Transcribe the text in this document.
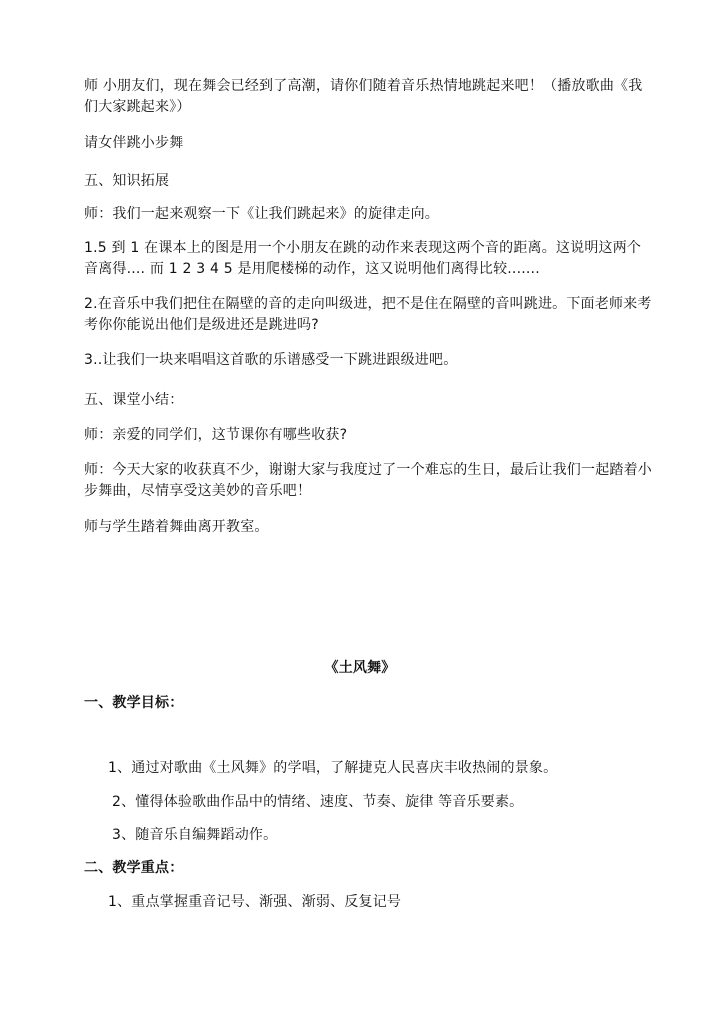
师 小朋友们，现在舞会已经到了高潮，请你们随着音乐热情地跳起来吧！（播放歌曲《我们大家跳起来》）

请女伴跳小步舞

五、知识拓展

师：我们一起来观察一下《让我们跳起来》的旋律走向。

1.5 到 1 在课本上的图是用一个小朋友在跳的动作来表现这两个音的距离。这说明这两个音离得.... 而 1 2 3 4 5 是用爬楼梯的动作，这又说明他们离得比较.......

2.在音乐中我们把住在隔壁的音的走向叫级进，把不是住在隔壁的音叫跳进。下面老师来考考你你能说出他们是级进还是跳进吗?

3..让我们一块来唱唱这首歌的乐谱感受一下跳进跟级进吧。

五、课堂小结：

师：亲爱的同学们，这节课你有哪些收获?

师：今天大家的收获真不少，谢谢大家与我度过了一个难忘的生日，最后让我们一起踏着小步舞曲，尽情享受这美妙的音乐吧！

师与学生踏着舞曲离开教室。

《土风舞》

一、教学目标：

1、通过对歌曲《土风舞》的学唱，了解捷克人民喜庆丰收热闹的景象。

2、懂得体验歌曲作品中的情绪、速度、节奏、旋律 等音乐要素。

3、随音乐自编舞蹈动作。

二、教学重点：

1、重点掌握重音记号、渐强、渐弱、反复记号
